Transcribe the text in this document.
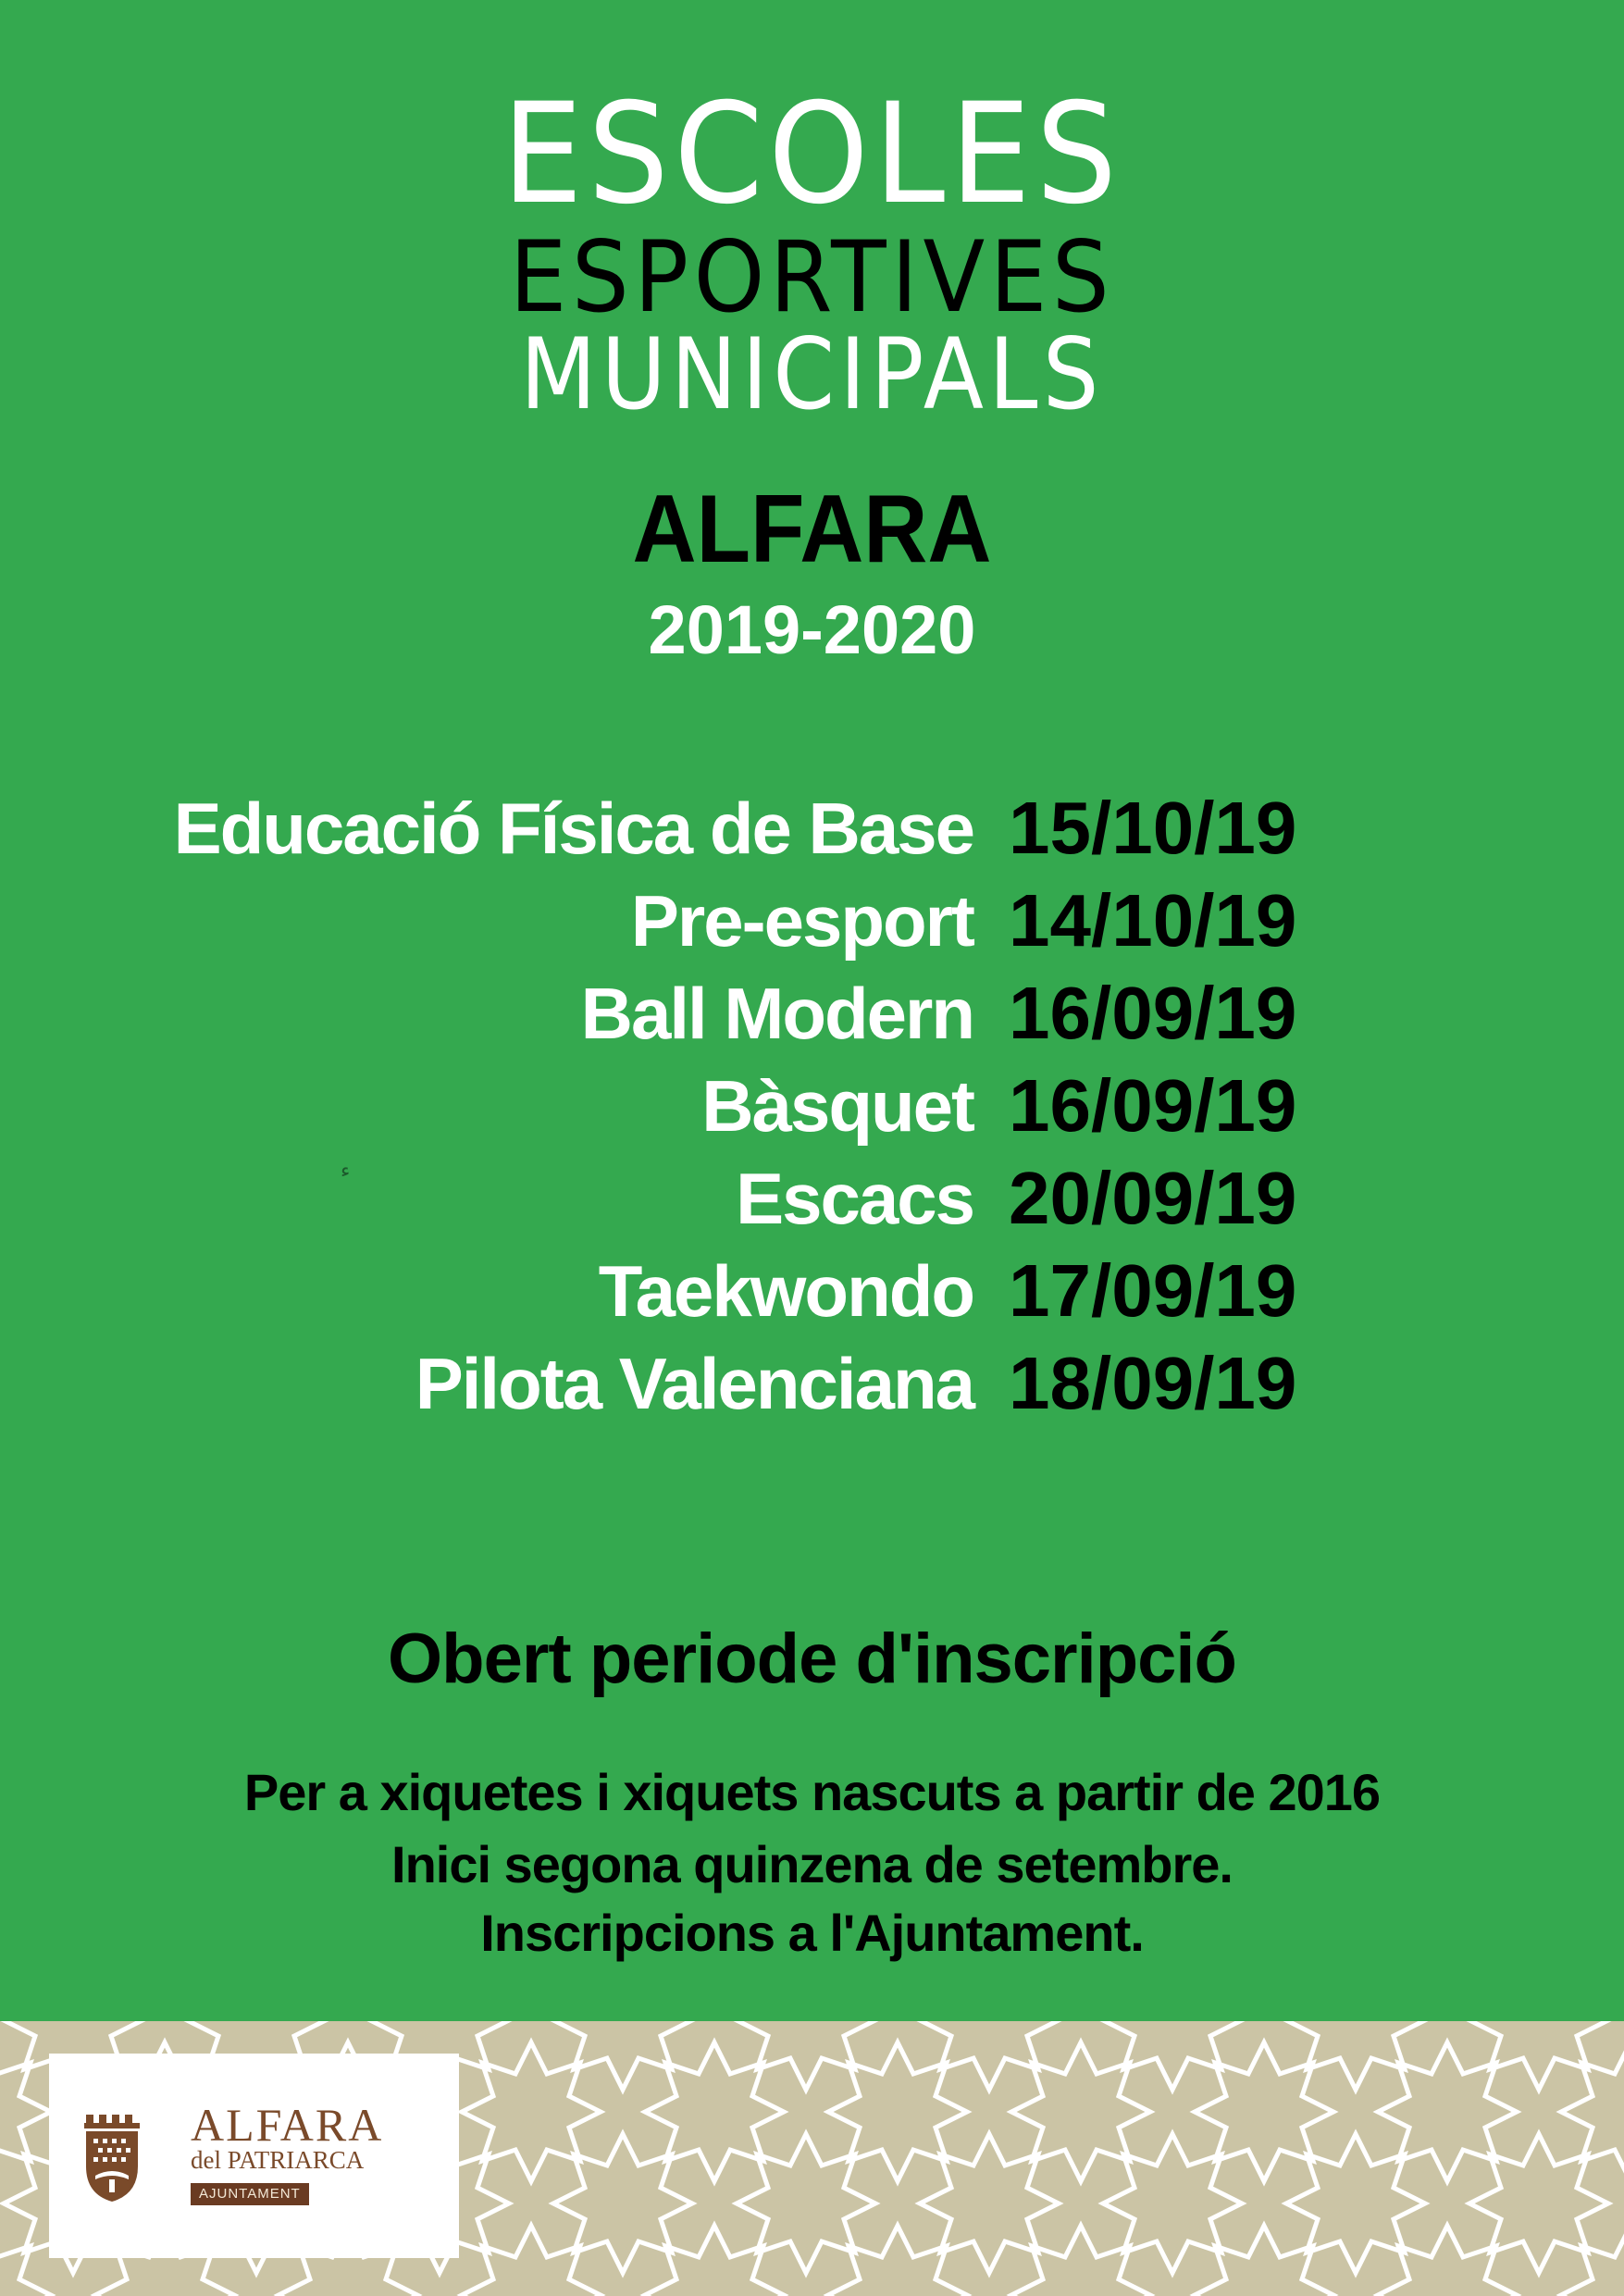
ESCOLES
ESPORTIVES
MUNICIPALS
ALFARA
2019-2020
Educació Física de Base 15/10/19
Pre-esport 14/10/19
Ball Modern 16/09/19
Bàsquet 16/09/19
Escacs 20/09/19
Taekwondo 17/09/19
Pilota Valenciana 18/09/19
ء
Obert periode d'inscripció
Per a xiquetes i xiquets nascuts a partir de 2016
Inici segona quinzena de setembre.
Inscripcions a l'Ajuntament.
ALFARA
del PATRIARCA
AJUNTAMENT
